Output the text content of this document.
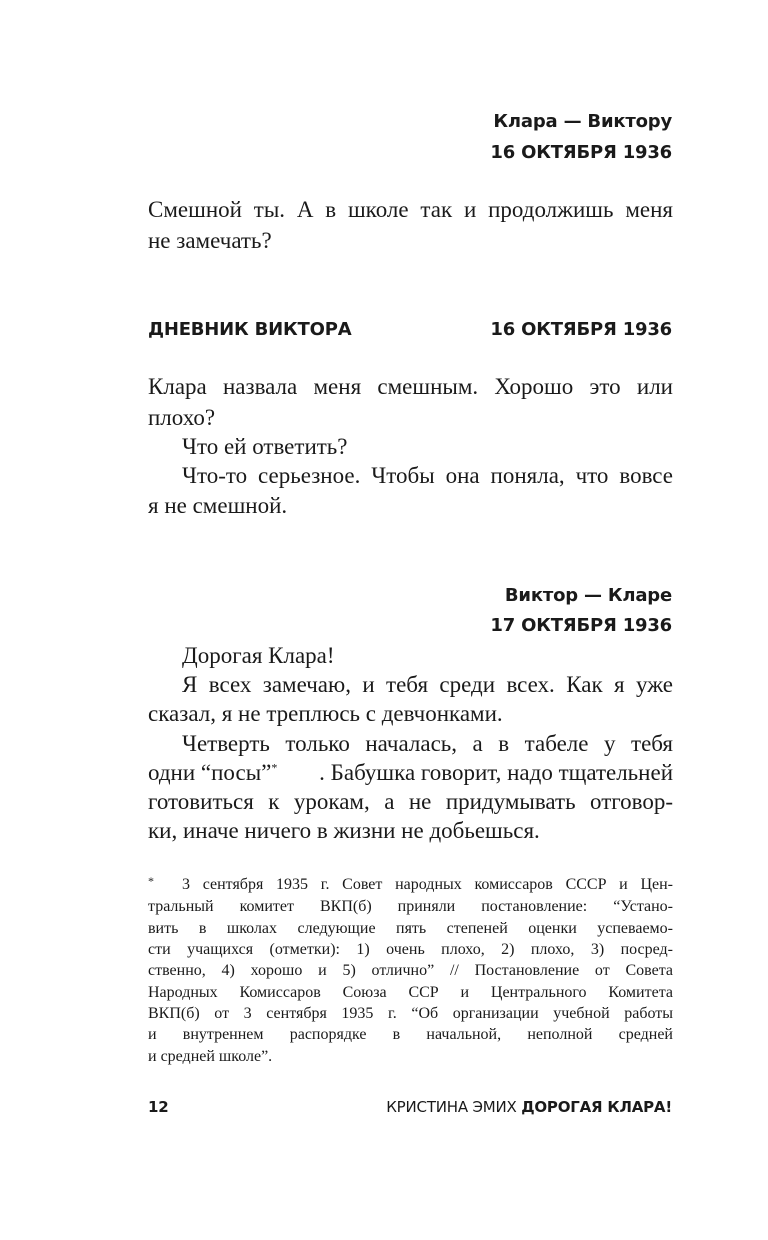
Клара — Виктору
16 ОКТЯБРЯ 1936
Смешной ты. А в школе так и продолжишь меня
не замечать?
ДНЕВНИК ВИКТОРА	16 ОКТЯБРЯ 1936
Клара назвала меня смешным. Хорошо это или
плохо?
Что ей ответить?
Что-то серьезное. Чтобы она поняла, что вовсе
я не смешной.
Виктор — Кларе
17 ОКТЯБРЯ 1936
Дорогая Клара!
Я всех замечаю, и тебя среди всех. Как я уже
сказал, я не треплюсь с девчонками.
Четверть только началась, а в табеле у тебя
одни “посы”* . Бабушка говорит, надо тщательней
готовиться к урокам, а не придумывать отговор-
ки, иначе ничего в жизни не добьешься.
* 3 сентября 1935 г. Совет народных комиссаров СССР и Цен-
тральный комитет ВКП(б) приняли постановление: “Устано-
вить в школах следующие пять степеней оценки успеваемо-
сти учащихся (отметки): 1) очень плохо, 2) плохо, 3) посред-
ственно, 4) хорошо и 5) отлично” // Постановление от Совета
Народных Комиссаров Союза ССР и Центрального Комитета
ВКП(б) от 3 сентября 1935 г. “Об организации учебной работы
и внутреннем распорядке в начальной, неполной средней
и средней школе”.
12	КРИСТИНА ЭМИХ ДОРОГАЯ КЛАРА!
